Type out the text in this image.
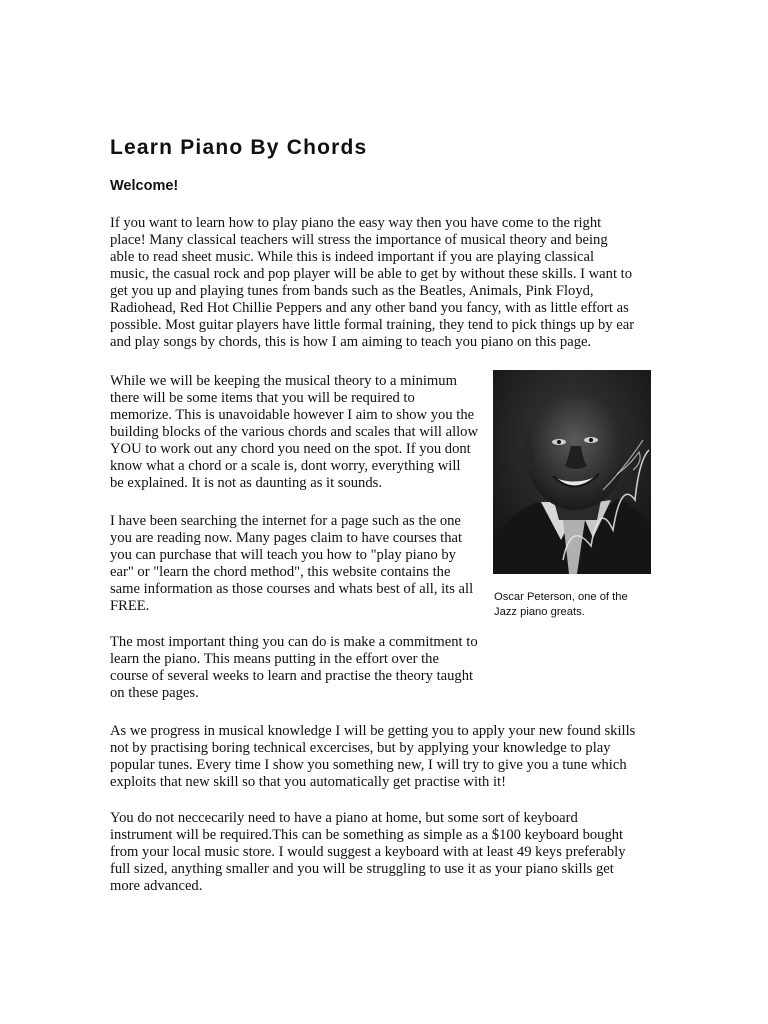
Learn Piano By Chords
Welcome!
If you want to learn how to play piano the easy way then you have come to the right
place! Many classical teachers will stress the importance of musical theory and being
able to read sheet music. While this is indeed important if you are playing classical
music, the casual rock and pop player will be able to get by without these skills. I want to
get you up and playing tunes from bands such as the Beatles, Animals, Pink Floyd,
Radiohead, Red Hot Chillie Peppers and any other band you fancy, with as little effort as
possible. Most guitar players have little formal training, they tend to pick things up by ear
and play songs by chords, this is how I am aiming to teach you piano on this page.
While we will be keeping the musical theory to a minimum
there will be some items that you will be required to
memorize. This is unavoidable however I aim to show you the
building blocks of the various chords and scales that will allow
YOU to work out any chord you need on the spot. If you dont
know what a chord or a scale is, dont worry, everything will
be explained. It is not as daunting as it sounds.
I have been searching the internet for a page such as the one
you are reading now. Many pages claim to have courses that
you can purchase that will teach you how to "play piano by
ear" or "learn the chord method", this website contains the
same information as those courses and whats best of all, its all
FREE.
The most important thing you can do is make a commitment to
learn the piano. This means putting in the effort over the
course of several weeks to learn and practise the theory taught
on these pages.
As we progress in musical knowledge I will be getting you to apply your new found skills
not by practising boring technical excercises, but by applying your knowledge to play
popular tunes. Every time I show you something new, I will try to give you a tune which
exploits that new skill so that you automatically get practise with it!
You do not neccecarily need to have a piano at home, but some sort of keyboard
instrument will be required.This can be something as simple as a $100 keyboard bought
from your local music store. I would suggest a keyboard with at least 49 keys preferably
full sized, anything smaller and you will be struggling to use it as your piano skills get
more advanced.
Oscar Peterson, one of the
Jazz piano greats.
